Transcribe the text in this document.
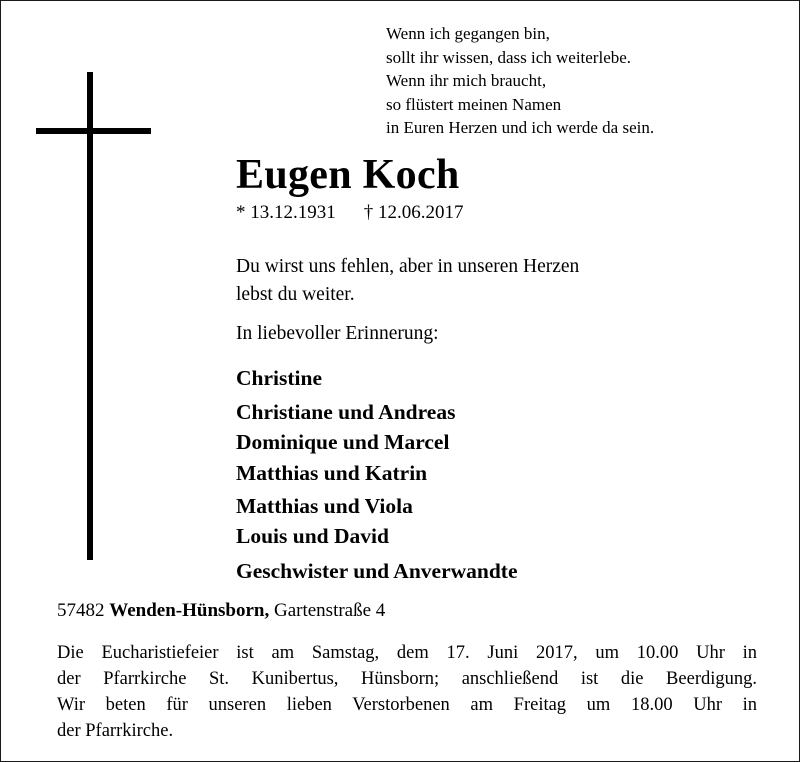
Wenn ich gegangen bin,
sollt ihr wissen, dass ich weiterlebe.
Wenn ihr mich braucht,
so flüstert meinen Namen
in Euren Herzen und ich werde da sein.
Eugen Koch
* 13.12.1931 † 12.06.2017
Du wirst uns fehlen, aber in unseren Herzen
lebst du weiter.
In liebevoller Erinnerung:
Christine
Christiane und Andreas
Dominique und Marcel
Matthias und Katrin
Matthias und Viola
Louis und David
Geschwister und Anverwandte
57482 Wenden-Hünsborn, Gartenstraße 4
Die Eucharistiefeier ist am Samstag, dem 17. Juni 2017, um 10.00 Uhr in
der Pfarrkirche St. Kunibertus, Hünsborn; anschließend ist die Beerdigung.
Wir beten für unseren lieben Verstorbenen am Freitag um 18.00 Uhr in
der Pfarrkirche.
